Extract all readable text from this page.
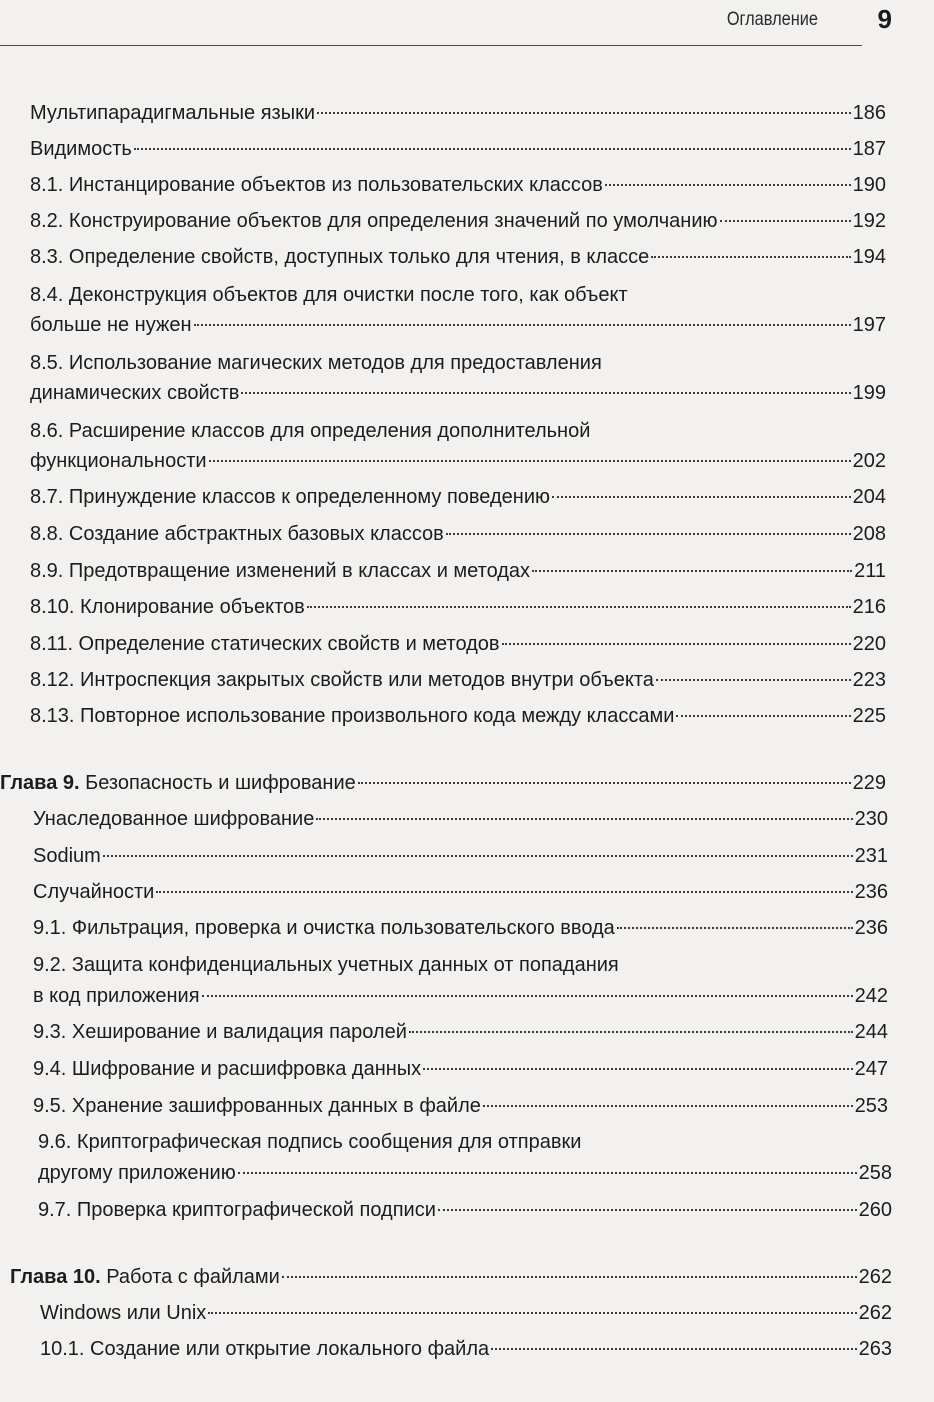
Оглавление 9
Мультипарадигмальные языки	186
Видимость	187
8.1. Инстанцирование объектов из пользовательских классов	190
8.2. Конструирование объектов для определения значений по умолчанию	192
8.3. Определение свойств, доступных только для чтения, в классе	194
8.4. Деконструкция объектов для очистки после того, как объект
больше не нужен	197
8.5. Использование магических методов для предоставления
динамических свойств	199
8.6. Расширение классов для определения дополнительной
функциональности	202
8.7. Принуждение классов к определенному поведению	204
8.8. Создание абстрактных базовых классов	208
8.9. Предотвращение изменений в классах и методах	211
8.10. Клонирование объектов	216
8.11. Определение статических свойств и методов	220
8.12. Интроспекция закрытых свойств или методов внутри объекта	223
8.13. Повторное использование произвольного кода между классами	225
Глава 9. Безопасность и шифрование	229
Унаследованное шифрование	230
Sodium	231
Случайности	236
9.1. Фильтрация, проверка и очистка пользовательского ввода	236
9.2. Защита конфиденциальных учетных данных от попадания
в код приложения	242
9.3. Хеширование и валидация паролей	244
9.4. Шифрование и расшифровка данных	247
9.5. Хранение зашифрованных данных в файле	253
9.6. Криптографическая подпись сообщения для отправки
другому приложению	258
9.7. Проверка криптографической подписи	260
Глава 10. Работа с файлами	262
Windows или Unix	262
10.1. Создание или открытие локального файла	263
